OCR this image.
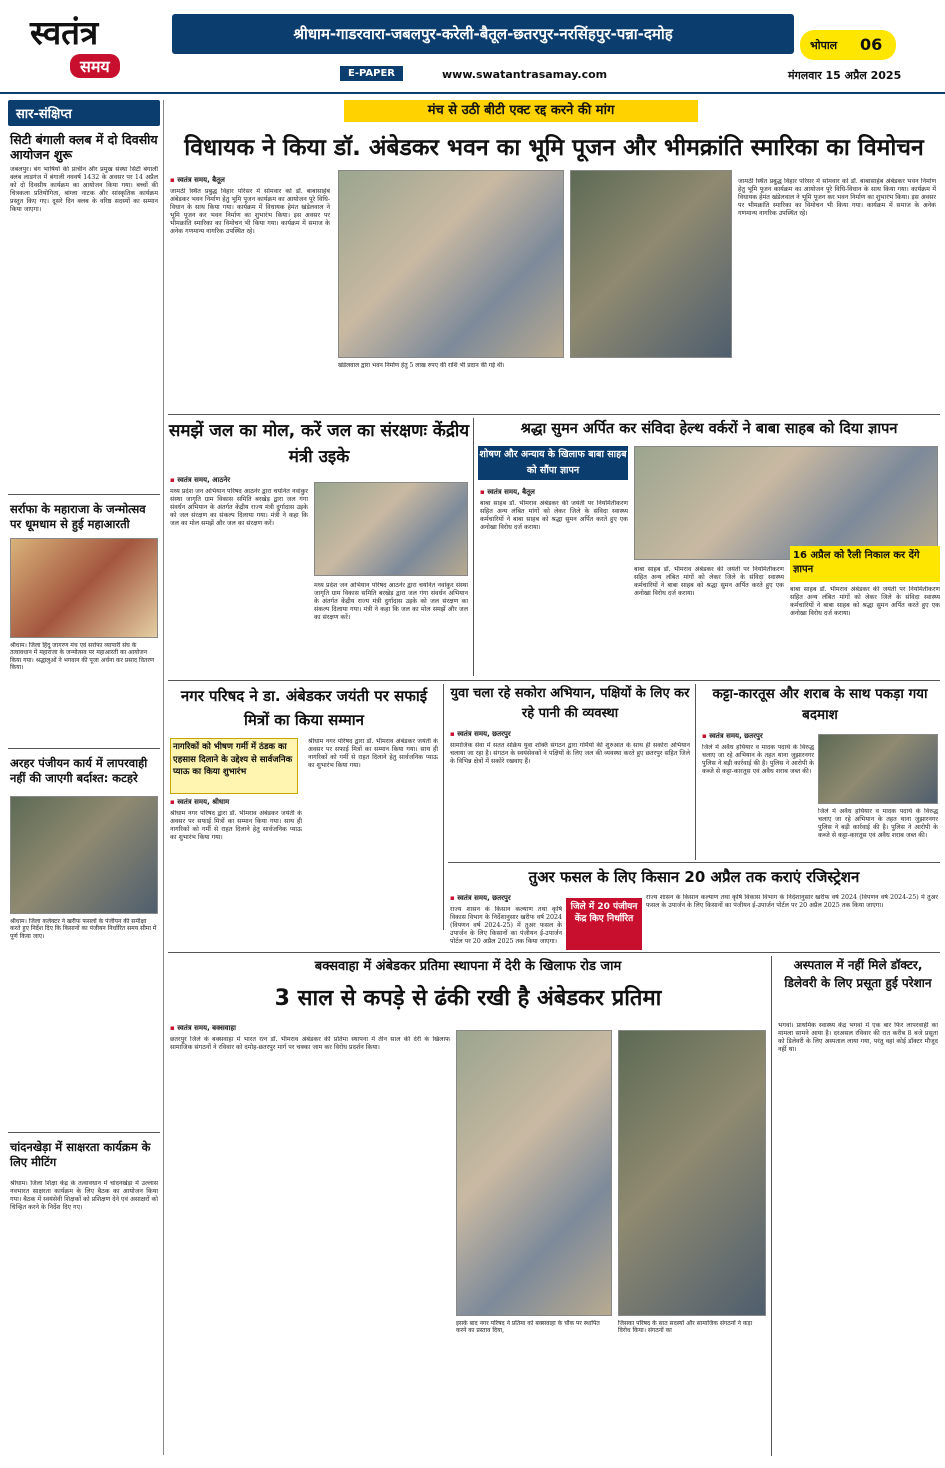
स्वतंत्र
समय
श्रीधाम-गाडरवारा-जबलपुर-करेली-बैतूल-छतरपुर-नरसिंहपुर-पन्ना-दमोह
भोपाल 06
E-PAPER	www.swatantrasamay.com	मंगलवार 15 अप्रैल 2025
सार-संक्षिप्त
सिटी बंगाली क्लब में दो दिवसीय आयोजन शुरू
जबलपुर। बंग भाषियों की प्राचीन और प्रमुख संस्था सिटी बंगाली क्लब लाडगंज में बंगाली नववर्ष 1432 के अवसर पर 14 अप्रैल को दो दिवसीय कार्यक्रम का आयोजन किया गया। बच्चों की चित्रकला प्रतियोगिता, बांग्ला नाटक और सांस्कृतिक कार्यक्रम प्रस्तुत किए गए। दूसरे दिन क्लब के वरिष्ठ सदस्यों का सम्मान किया जाएगा।
सर्राफा के महाराजा के जन्मोत्सव पर धूमधाम से हुई महाआरती
श्रीधाम। जिला हिंदू जागरण मंच एवं सर्राफा व्यापारी संघ के तत्वावधान में महाराजा के जन्मोत्सव पर महाआरती का आयोजन किया गया। श्रद्धालुओं ने भगवान की पूजा अर्चना कर प्रसाद वितरण किया।
अरहर पंजीयन कार्य में लापरवाही नहीं की जाएगी बर्दाश्त: कटहरे
श्रीधाम। जिला कलेक्टर ने खरीफ फसलों के पंजीयन की समीक्षा करते हुए निर्देश दिए कि किसानों का पंजीयन निर्धारित समय सीमा में पूर्ण किया जाए।
चांदनखेड़ा में साक्षरता कार्यक्रम के लिए मीटिंग
श्रीधाम। जिला शिक्षा केंद्र के तत्वावधान में चांदनखेड़ा में उल्लास नवभारत साक्षरता कार्यक्रम के लिए बैठक का आयोजन किया गया। बैठक में स्वयंसेवी शिक्षकों को प्रशिक्षण देने एवं असाक्षरों को चिन्हित करने के निर्देश दिए गए।
मंच से उठी बीटी एक्ट रद्द करने की मांग
विधायक ने किया डॉ. अंबेडकर भवन का भूमि पूजन और भीमक्रांति स्मारिका का विमोचन
▪ स्वतंत्र समय, बैतूल
जामठी स्थित प्रबुद्ध विहार परिसर में सोमवार को डॉ. बाबासाहेब अंबेडकर भवन निर्माण हेतु भूमि पूजन कार्यक्रम का आयोजन पूरे विधि-विधान के साथ किया गया। कार्यक्रम में विधायक हेमंत खंडेलवाल ने भूमि पूजन कर भवन निर्माण का शुभारंभ किया। इस अवसर पर भीमक्रांति स्मारिका का विमोचन भी किया गया। कार्यक्रम में समाज के अनेक गणमान्य नागरिक उपस्थित रहे।
खंडेलवाल द्वारा भवन निर्माण हेतु 5 लाख रुपए की राशि भी प्रदान की गई थी।
जामठी स्थित प्रबुद्ध विहार परिसर में सोमवार को डॉ. बाबासाहेब अंबेडकर भवन निर्माण हेतु भूमि पूजन कार्यक्रम का आयोजन पूरे विधि-विधान के साथ किया गया। कार्यक्रम में विधायक हेमंत खंडेलवाल ने भूमि पूजन कर भवन निर्माण का शुभारंभ किया। इस अवसर पर भीमक्रांति स्मारिका का विमोचन भी किया गया। कार्यक्रम में समाज के अनेक गणमान्य नागरिक उपस्थित रहे।
समझें जल का मोल, करें जल का संरक्षणः केंद्रीय मंत्री उइके
▪ स्वतंत्र समय, आठनेर
मध्य प्रदेश जन अभियान परिषद आठनेर द्वारा चयनित नवांकुर संस्था जागृति ग्राम विकास समिति बरखेड़ द्वारा जल गंगा संवर्धन अभियान के अंतर्गत केंद्रीय राज्य मंत्री दुर्गादास उइके को जल संरक्षण का संकल्प दिलाया गया। मंत्री ने कहा कि जल का मोल समझें और जल का संरक्षण करें।
मध्य प्रदेश जन अभियान परिषद आठनेर द्वारा चयनित नवांकुर संस्था जागृति ग्राम विकास समिति बरखेड़ द्वारा जल गंगा संवर्धन अभियान के अंतर्गत केंद्रीय राज्य मंत्री दुर्गादास उइके को जल संरक्षण का संकल्प दिलाया गया। मंत्री ने कहा कि जल का मोल समझें और जल का संरक्षण करें।
श्रद्धा सुमन अर्पित कर संविदा हेल्थ वर्करों ने बाबा साहब को दिया ज्ञापन
शोषण और अन्याय के खिलाफ बाबा साहब को सौंपा ज्ञापन
▪ स्वतंत्र समय, बैतूल
बाबा साहब डॉ. भीमराव अंबेडकर की जयंती पर नियमितीकरण सहित अन्य लंबित मांगों को लेकर जिले के संविदा स्वास्थ्य कर्मचारियों ने बाबा साहब को श्रद्धा सुमन अर्पित करते हुए एक अनोखा विरोध दर्ज कराया।
बाबा साहब डॉ. भीमराव अंबेडकर की जयंती पर नियमितीकरण सहित अन्य लंबित मांगों को लेकर जिले के संविदा स्वास्थ्य कर्मचारियों ने बाबा साहब को श्रद्धा सुमन अर्पित करते हुए एक अनोखा विरोध दर्ज कराया।
16 अप्रैल को रैली निकाल कर देंगे ज्ञापन
बाबा साहब डॉ. भीमराव अंबेडकर की जयंती पर नियमितीकरण सहित अन्य लंबित मांगों को लेकर जिले के संविदा स्वास्थ्य कर्मचारियों ने बाबा साहब को श्रद्धा सुमन अर्पित करते हुए एक अनोखा विरोध दर्ज कराया।
नगर परिषद ने डा. अंबेडकर जयंती पर सफाई मित्रों का किया सम्मान
नागरिकों को भीषण गर्मी में ठंडक का एहसास दिलाने के उद्देश्य से सार्वजनिक प्याऊ का किया शुभारंभ
▪ स्वतंत्र समय, श्रीधाम
श्रीधाम नगर परिषद द्वारा डॉ. भीमराव अंबेडकर जयंती के अवसर पर सफाई मित्रों का सम्मान किया गया। साथ ही नागरिकों को गर्मी से राहत दिलाने हेतु सार्वजनिक प्याऊ का शुभारंभ किया गया।
श्रीधाम नगर परिषद द्वारा डॉ. भीमराव अंबेडकर जयंती के अवसर पर सफाई मित्रों का सम्मान किया गया। साथ ही नागरिकों को गर्मी से राहत दिलाने हेतु सार्वजनिक प्याऊ का शुभारंभ किया गया।
युवा चला रहे सकोरा अभियान, पक्षियों के लिए कर रहे पानी की व्यवस्था
▪ स्वतंत्र समय, छतरपुर
सामाजिक सेवा में सतत सक्रिय युवा शक्ति संगठन द्वारा गर्मियों की शुरुआत के साथ ही सकोरा अभियान चलाया जा रहा है। संगठन के स्वयंसेवकों ने पक्षियों के लिए जल की व्यवस्था करते हुए छतरपुर सहित जिले के विभिन्न क्षेत्रों में सकोरे रखवाए हैं।
कट्टा-कारतूस और शराब के साथ पकड़ा गया बदमाश
▪ स्वतंत्र समय, छतरपुर
जिले में अवैध हथियार व मादक पदार्थ के विरुद्ध चलाए जा रहे अभियान के तहत थाना जुझारनगर पुलिस ने बड़ी कार्रवाई की है। पुलिस ने आरोपी के कब्जे से कट्टा-कारतूस एवं अवैध शराब जब्त की।
जिले में अवैध हथियार व मादक पदार्थ के विरुद्ध चलाए जा रहे अभियान के तहत थाना जुझारनगर पुलिस ने बड़ी कार्रवाई की है। पुलिस ने आरोपी के कब्जे से कट्टा-कारतूस एवं अवैध शराब जब्त की।
तुअर फसल के लिए किसान 20 अप्रैल तक कराएं रजिस्ट्रेशन
▪ स्वतंत्र समय, छतरपुर
राज्य शासन के किसान कल्याण तथा कृषि विकास विभाग के निर्देशानुसार खरीफ वर्ष 2024 (विपणन वर्ष 2024-25) में तुअर फसल के उपार्जन के लिए किसानों का पंजीयन ई-उपार्जन पोर्टल पर 20 अप्रैल 2025 तक किया जाएगा।
जिले में 20 पंजीयन केंद्र किए निर्धारित
राज्य शासन के किसान कल्याण तथा कृषि विकास विभाग के निर्देशानुसार खरीफ वर्ष 2024 (विपणन वर्ष 2024-25) में तुअर फसल के उपार्जन के लिए किसानों का पंजीयन ई-उपार्जन पोर्टल पर 20 अप्रैल 2025 तक किया जाएगा।
बक्सवाहा में अंबेडकर प्रतिमा स्थापना में देरी के खिलाफ रोड जाम
3 साल से कपड़े से ढंकी रखी है अंबेडकर प्रतिमा
▪ स्वतंत्र समय, बक्सवाहा
छतरपुर जिले के बक्सवाहा में भारत रत्न डॉ. भीमराव अंबेडकर की प्रतिमा स्थापना में तीन साल की देरी के खिलाफ सामाजिक संगठनों ने रविवार को दमोह-छतरपुर मार्ग पर चक्का जाम कर विरोध प्रदर्शन किया।
इसके बाद नगर परिषद ने प्रतिमा को बक्सवाहा के चौक पर स्थापित करने का प्रस्ताव दिया,
जिसका परिषद के सात सदस्यों और सामाजिक संगठनों ने कड़ा विरोध किया। संगठनों का
अस्पताल में नहीं मिले डॉक्टर, डिलेवरी के लिए प्रसूता हुई परेशान
भगवां। प्राथमिक स्वास्थ्य केंद्र भगवां में एक बार फिर लापरवाही का मामला सामने आया है। दरअसल रविवार की रात करीब 8 बजे प्रसूता को डिलेवरी के लिए अस्पताल लाया गया, परंतु वहां कोई डॉक्टर मौजूद नहीं था।
